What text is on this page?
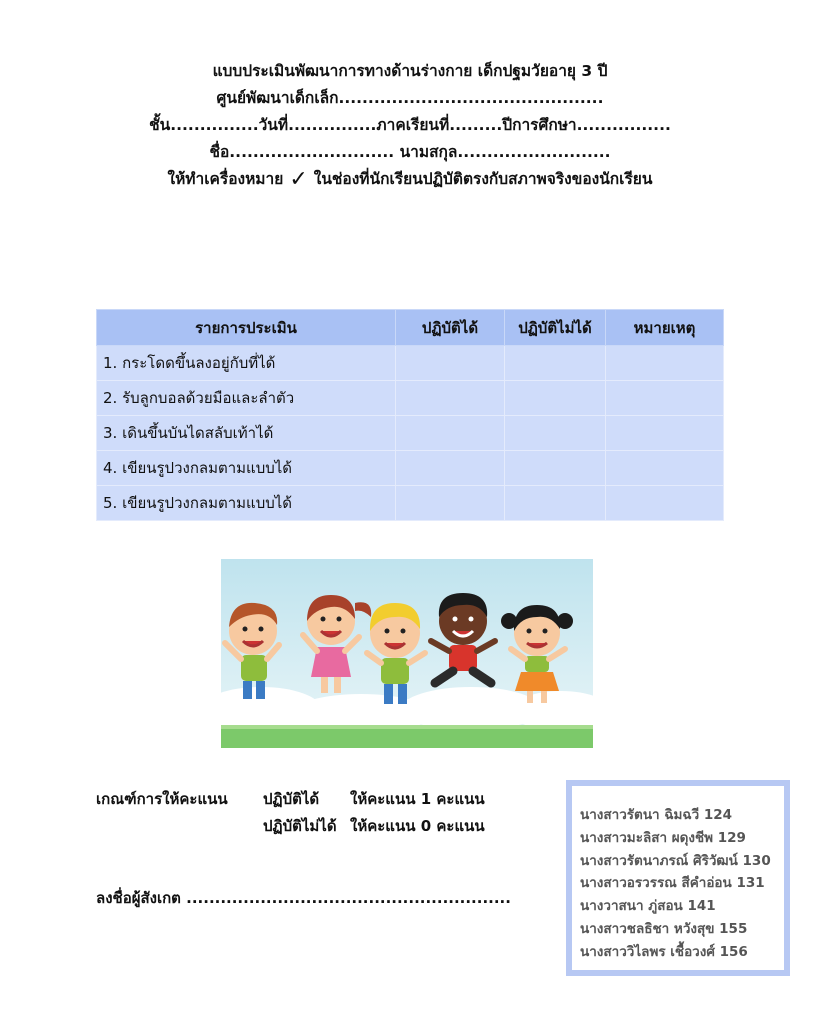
แบบประเมินพัฒนาการทางด้านร่างกาย เด็กปฐมวัยอายุ 3 ปี
ศูนย์พัฒนาเด็กเล็ก.............................................
ชั้น...............วันที่...............ภาคเรียนที่.........ปีการศึกษา................
ชื่อ............................ นามสกุล..........................
ให้ทำเครื่องหมาย ✓ ในช่องที่นักเรียนปฏิบัติตรงกับสภาพจริงของนักเรียน
รายการประเมิน	ปฏิบัติได้	ปฏิบัติไม่ได้	หมายเหตุ
1. กระโดดขึ้นลงอยู่กับที่ได้			
2. รับลูกบอลด้วยมือและลำตัว			
3. เดินขึ้นบันไดสลับเท้าได้			
4. เขียนรูปวงกลมตามแบบได้			
5. เขียนรูปวงกลมตามแบบได้			
เกณฑ์การให้คะแนน ปฏิบัติได้ ให้คะแนน 1 คะแนน
ปฏิบัติไม่ได้ ให้คะแนน 0 คะแนน
ลงชื่อผู้สังเกต .........................................................
นางสาวรัตนา ฉิมฉวี 124
นางสาวมะลิสา ผดุงชีพ 129
นางสาวรัตนาภรณ์ ศิริวัฒน์ 130
นางสาวอรวรรณ สีคำอ่อน 131
นางวาสนา ภู่สอน 141
นางสาวชลธิชา หวังสุข 155
นางสาววิไลพร เชื้อวงศ์ 156
